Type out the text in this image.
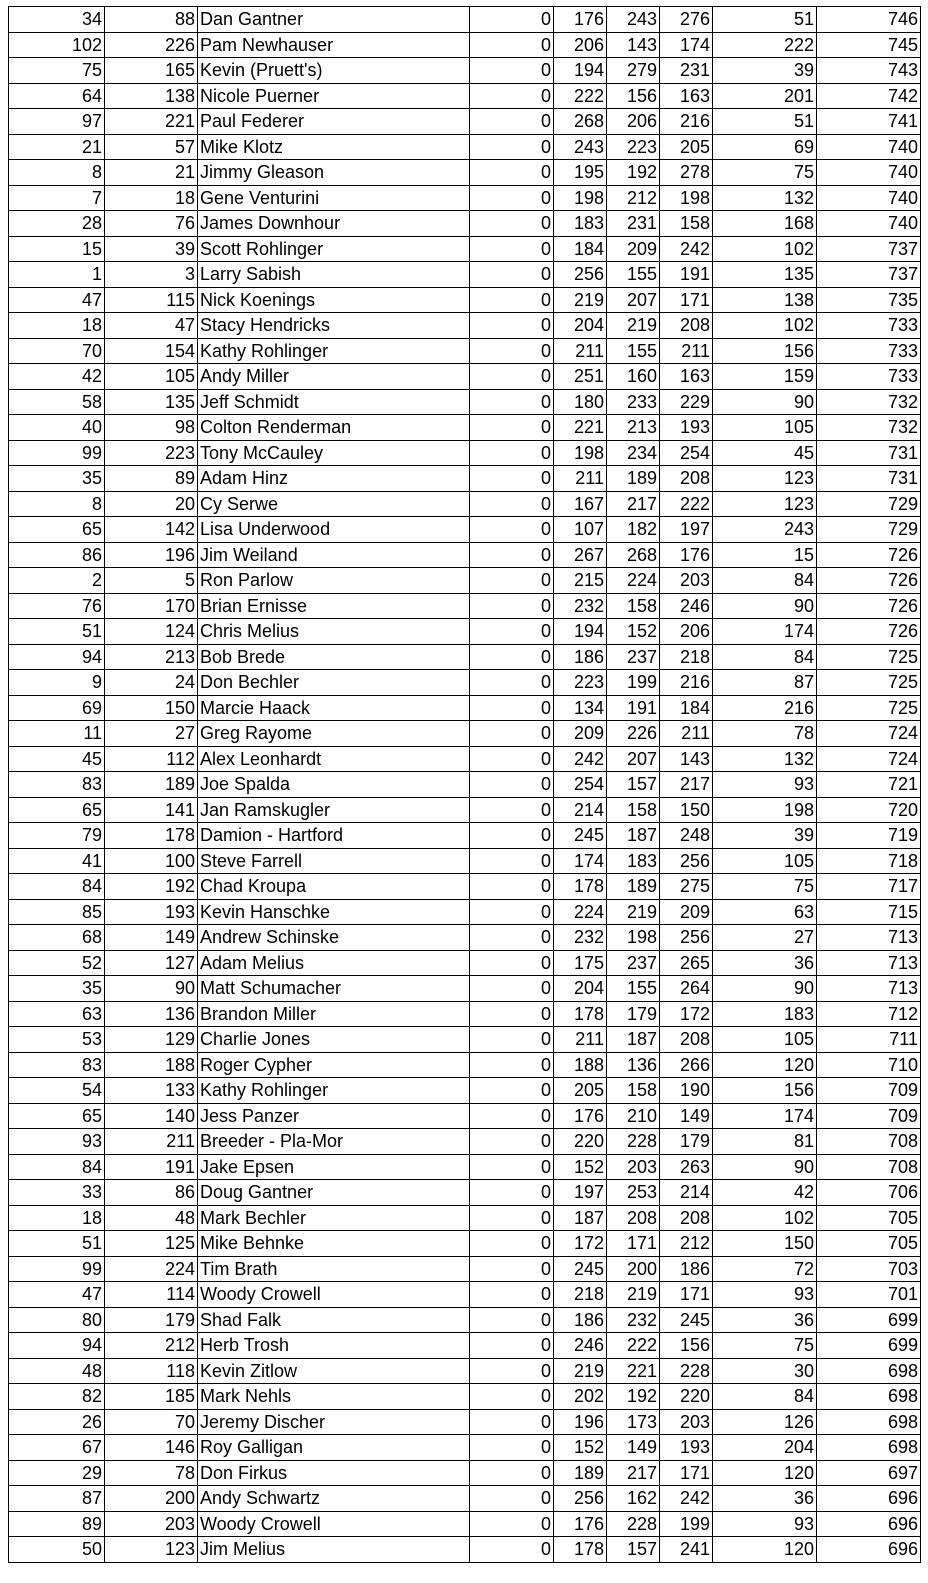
34	88	Dan Gantner	0	176	243	276	51	746
102	226	Pam Newhauser	0	206	143	174	222	745
75	165	Kevin (Pruett's)	0	194	279	231	39	743
64	138	Nicole Puerner	0	222	156	163	201	742
97	221	Paul Federer	0	268	206	216	51	741
21	57	Mike Klotz	0	243	223	205	69	740
8	21	Jimmy Gleason	0	195	192	278	75	740
7	18	Gene Venturini	0	198	212	198	132	740
28	76	James Downhour	0	183	231	158	168	740
15	39	Scott Rohlinger	0	184	209	242	102	737
1	3	Larry Sabish	0	256	155	191	135	737
47	115	Nick Koenings	0	219	207	171	138	735
18	47	Stacy Hendricks	0	204	219	208	102	733
70	154	Kathy Rohlinger	0	211	155	211	156	733
42	105	Andy Miller	0	251	160	163	159	733
58	135	Jeff Schmidt	0	180	233	229	90	732
40	98	Colton Renderman	0	221	213	193	105	732
99	223	Tony McCauley	0	198	234	254	45	731
35	89	Adam Hinz	0	211	189	208	123	731
8	20	Cy Serwe	0	167	217	222	123	729
65	142	Lisa Underwood	0	107	182	197	243	729
86	196	Jim Weiland	0	267	268	176	15	726
2	5	Ron Parlow	0	215	224	203	84	726
76	170	Brian Ernisse	0	232	158	246	90	726
51	124	Chris Melius	0	194	152	206	174	726
94	213	Bob Brede	0	186	237	218	84	725
9	24	Don Bechler	0	223	199	216	87	725
69	150	Marcie Haack	0	134	191	184	216	725
11	27	Greg Rayome	0	209	226	211	78	724
45	112	Alex Leonhardt	0	242	207	143	132	724
83	189	Joe Spalda	0	254	157	217	93	721
65	141	Jan Ramskugler	0	214	158	150	198	720
79	178	Damion - Hartford	0	245	187	248	39	719
41	100	Steve Farrell	0	174	183	256	105	718
84	192	Chad Kroupa	0	178	189	275	75	717
85	193	Kevin Hanschke	0	224	219	209	63	715
68	149	Andrew Schinske	0	232	198	256	27	713
52	127	Adam Melius	0	175	237	265	36	713
35	90	Matt Schumacher	0	204	155	264	90	713
63	136	Brandon Miller	0	178	179	172	183	712
53	129	Charlie Jones	0	211	187	208	105	711
83	188	Roger Cypher	0	188	136	266	120	710
54	133	Kathy Rohlinger	0	205	158	190	156	709
65	140	Jess Panzer	0	176	210	149	174	709
93	211	Breeder - Pla-Mor	0	220	228	179	81	708
84	191	Jake Epsen	0	152	203	263	90	708
33	86	Doug Gantner	0	197	253	214	42	706
18	48	Mark Bechler	0	187	208	208	102	705
51	125	Mike Behnke	0	172	171	212	150	705
99	224	Tim Brath	0	245	200	186	72	703
47	114	Woody Crowell	0	218	219	171	93	701
80	179	Shad Falk	0	186	232	245	36	699
94	212	Herb Trosh	0	246	222	156	75	699
48	118	Kevin Zitlow	0	219	221	228	30	698
82	185	Mark Nehls	0	202	192	220	84	698
26	70	Jeremy Discher	0	196	173	203	126	698
67	146	Roy Galligan	0	152	149	193	204	698
29	78	Don Firkus	0	189	217	171	120	697
87	200	Andy Schwartz	0	256	162	242	36	696
89	203	Woody Crowell	0	176	228	199	93	696
50	123	Jim Melius	0	178	157	241	120	696
